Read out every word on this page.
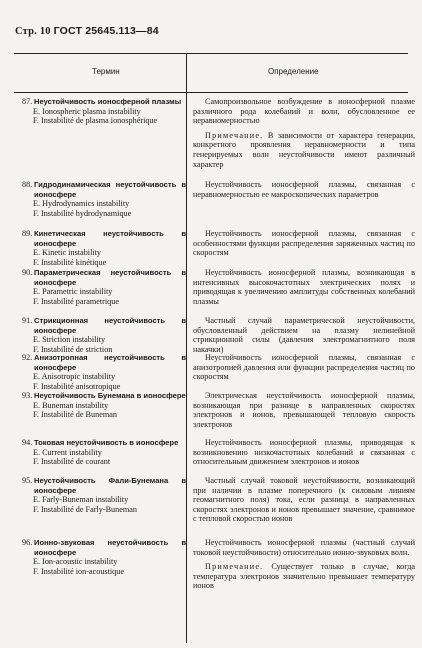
Стр. 10 ГОСТ 25645.113—84
Термин	Определение
87. Неустойчивость ионосферной плазмы
E. Ionospheric plasma instability
F. Instabilité de plasma ionosphérique

Самопроизвольное возбуждение в ионосферной плазме различного рода колебаний и волн, обусловленное ее неравномерностью

Примечание. В зависимости от характера генерации, конкретного проявления неравномерности и типа генерируемых волн неустойчивости имеют различный характер

88. Гидродинамическая неустойчивость в ионосфере
E. Hydrodynamics instability
F. Instabilité hydrodynamique

Неустойчивость ионосферной плазмы, связанная с неравномерностью ее макроскопических параметров

89. Кинетическая неустойчивость в ионосфере
E. Kinetic instability
F. Instabilité kinétique

Неустойчивость ионосферной плазмы, связанная с особенностями функции распределения заряженных частиц по скоростям

90. Параметрическая неустойчивость в ионосфере
E. Parametric instability
F. Instabilité parametrique

Неустойчивость ионосферной плазмы, возникающая в интенсивных высокочастотных электрических полях и приводящая к увеличению амплитуды собственных колебаний плазмы

91. Стрикционная неустойчивость в ионосфере
E. Striction instability
F. Instabilité de striction

Частный случай параметрической неустойчивости, обусловленный действием на плазму нелинейной стрикционной силы (давления электромагнитного поля накачки)

92. Анизотропная неустойчивость в ионосфере
E. Anisotropic instability
F. Instabilité anisotropique

Неустойчивость ионосферной плазмы, связанная с анизотропией давления или функции распределения частиц по скоростям

93. Неустойчивость Бунемана в ионосфере
E. Buneman instability
F. Instabilité de Buneman

Электрическая неустойчивость ионосферной плазмы, возникающая при разнице в направленных скоростях электронов и ионов, превышающей тепловую скорость электронов

94. Токовая неустойчивость в ионосфере
E. Current instability
F. Instabilité de courant

Неустойчивость ионосферной плазмы, приводящая к возникновению низкочастотных колебаний и связанная с относительным движением электронов и ионов

95. Неустойчивость Фали-Бунемана в ионосфере
E. Farly-Buneman instability
F. Instabilité de Farly-Buneman

Частный случай токовой неустойчивости, возникающий при наличии в плазме поперечного (к силовым линиям геомагнитного поля) тока, если разница в направленных скоростях электронов и ионов превышает значение, сравнимое с тепловой скоростью ионов

96. Ионно-звуковая неустойчивость в ионосфере
E. Ion-acoustic instability
F. Instabilité ion-acoustique

Неустойчивость ионосферной плазмы (частный случай токовой неустойчивости) относительно ионно-звуковых волн.

Примечание. Существует только в случае, когда температура электронов значительно превышает температуру ионов
